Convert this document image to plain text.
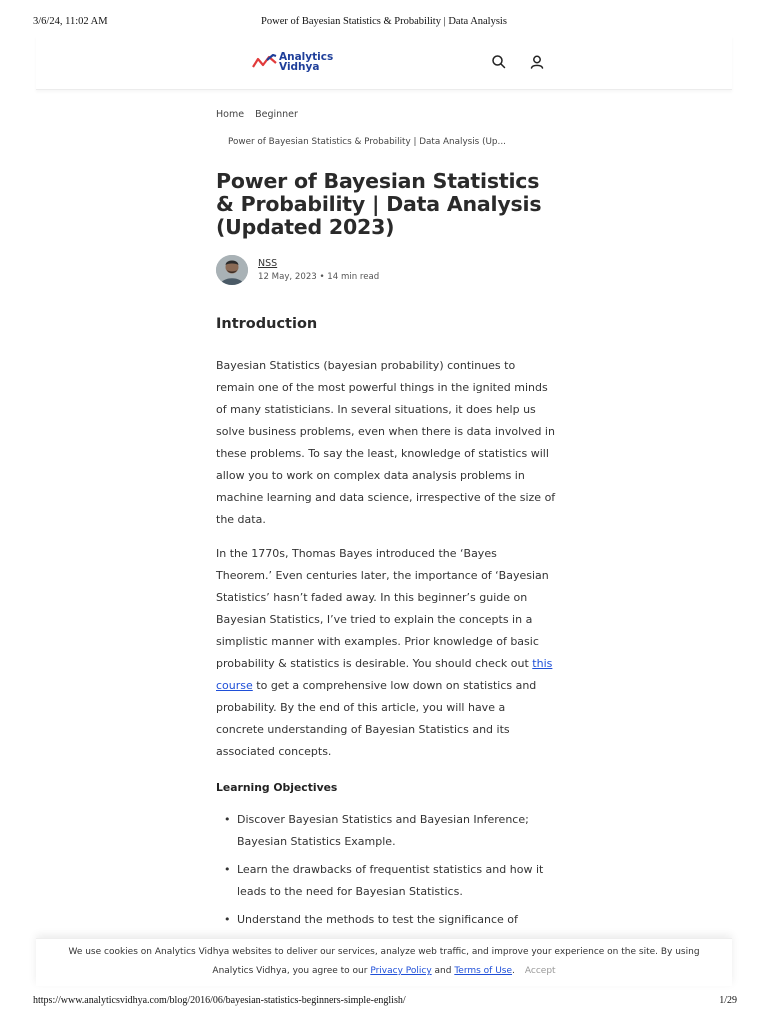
3/6/24, 11:02 AM	Power of Bayesian Statistics & Probability | Data Analysis
Analytics
Vidhya
Home Beginner
Power of Bayesian Statistics & Probability | Data Analysis (Up...
Power of Bayesian Statistics & Probability | Data Analysis (Updated 2023)
NSS
12 May, 2023 • 14 min read
Introduction

Bayesian Statistics (bayesian probability) continues to remain one of the most powerful things in the ignited minds of many statisticians. In several situations, it does help us solve business problems, even when there is data involved in these problems. To say the least, knowledge of statistics will allow you to work on complex data analysis problems in machine learning and data science, irrespective of the size of the data.

In the 1770s, Thomas Bayes introduced the ‘Bayes Theorem.’ Even centuries later, the importance of ‘Bayesian Statistics’ hasn’t faded away. In this beginner’s guide on Bayesian Statistics, I’ve tried to explain the concepts in a simplistic manner with examples. Prior knowledge of basic probability & statistics is desirable. You should check out this course to get a comprehensive low down on statistics and probability. By the end of this article, you will have a concrete understanding of Bayesian Statistics and its associated concepts.

Learning Objectives
• Discover Bayesian Statistics and Bayesian Inference; Bayesian Statistics Example.
• Learn the drawbacks of frequentist statistics and how it leads to the need for Bayesian Statistics.
• Understand the methods to test the significance of
We use cookies on Analytics Vidhya websites to deliver our services, analyze web traffic, and improve your experience on the site. By using
Analytics Vidhya, you agree to our Privacy Policy and Terms of Use. Accept
https://www.analyticsvidhya.com/blog/2016/06/bayesian-statistics-beginners-simple-english/	1/29
